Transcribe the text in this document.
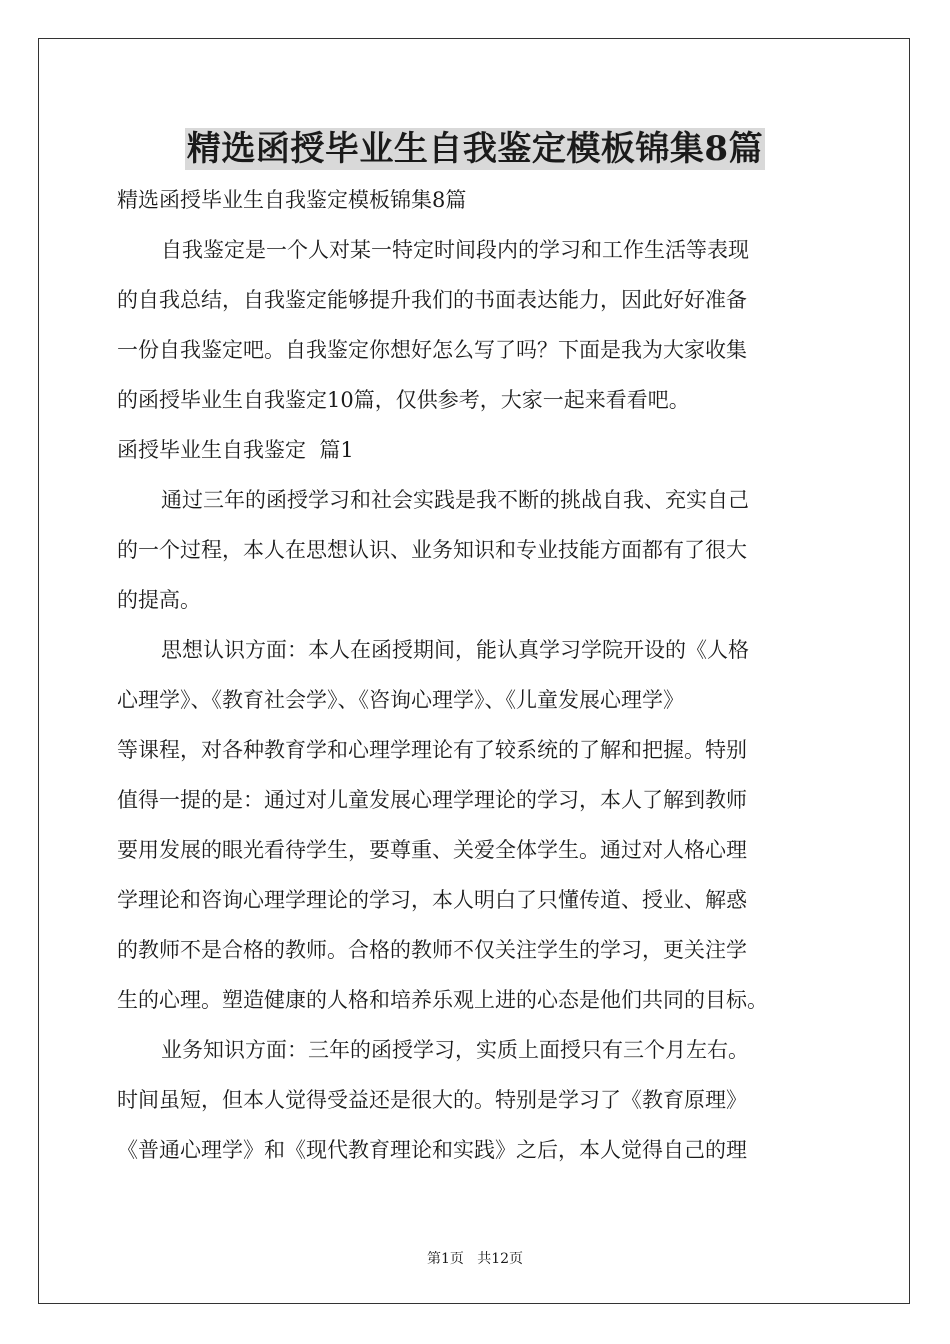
精选函授毕业生自我鉴定模板锦集8篇
精选函授毕业生自我鉴定模板锦集8篇
自我鉴定是一个人对某一特定时间段内的学习和工作生活等表现
的自我总结，自我鉴定能够提升我们的书面表达能力，因此好好准备
一份自我鉴定吧。自我鉴定你想好怎么写了吗？下面是我为大家收集
的函授毕业生自我鉴定10篇，仅供参考，大家一起来看看吧。
函授毕业生自我鉴定  篇1
通过三年的函授学习和社会实践是我不断的挑战自我、充实自己
的一个过程，本人在思想认识、业务知识和专业技能方面都有了很大
的提高。
思想认识方面：本人在函授期间，能认真学习学院开设的《人格
心理学》、《教育社会学》、《咨询心理学》、《儿童发展心理学》
等课程，对各种教育学和心理学理论有了较系统的了解和把握。特别
值得一提的是：通过对儿童发展心理学理论的学习，本人了解到教师
要用发展的眼光看待学生，要尊重、关爱全体学生。通过对人格心理
学理论和咨询心理学理论的学习，本人明白了只懂传道、授业、解惑
的教师不是合格的教师。合格的教师不仅关注学生的学习，更关注学
生的心理。塑造健康的人格和培养乐观上进的心态是他们共同的目标。
业务知识方面：三年的函授学习，实质上面授只有三个月左右。
时间虽短，但本人觉得受益还是很大的。特别是学习了《教育原理》
《普通心理学》和《现代教育理论和实践》之后，本人觉得自己的理
第1页   共12页
